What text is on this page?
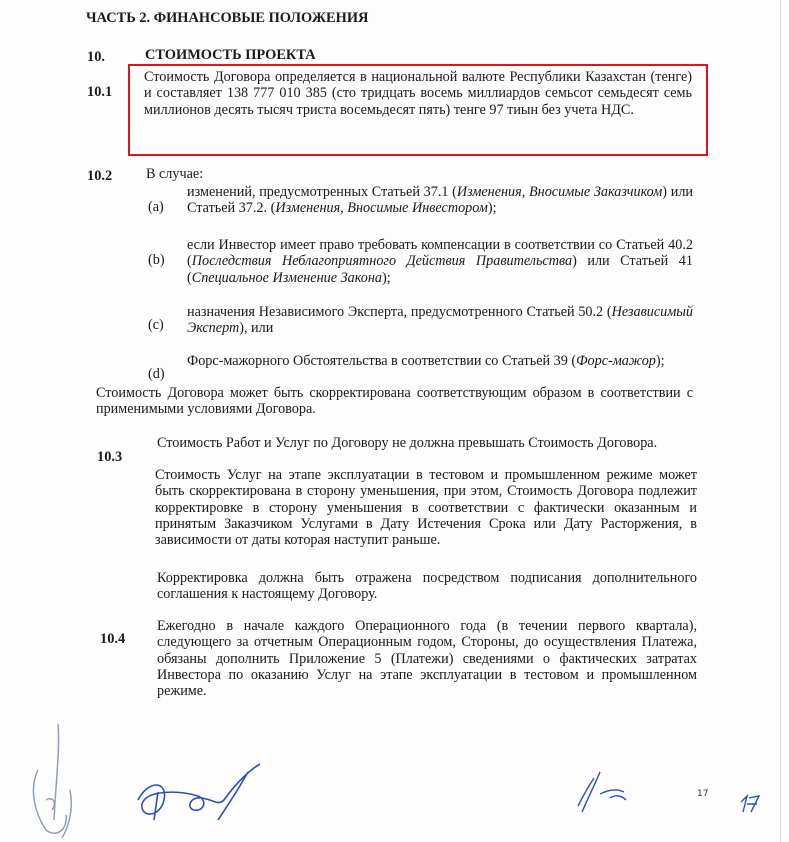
ЧАСТЬ 2. ФИНАНСОВЫЕ ПОЛОЖЕНИЯ
10.	СТОИМОСТЬ ПРОЕКТА
10.1
Стоимость Договора определяется в национальной валюте Республики Казахстан (тенге) и составляет 138 777 010 385 (сто тридцать восемь миллиардов семьсот семьдесят семь миллионов десять тысяч триста восемьдесят пять) тенге 97 тиын без учета НДС.
10.2 В случае:
(a)
изменений, предусмотренных Статьей 37.1 (Изменения, Вносимые Заказчиком) или Статьей 37.2. (Изменения, Вносимые Инвестором);
(b)
если Инвестор имеет право требовать компенсации в соответствии со Статьей 40.2 (Последствия Неблагоприятного Действия Правительства) или Статьей 41 (Специальное Изменение Закона);
(c)
назначения Независимого Эксперта, предусмотренного Статьей 50.2 (Независимый Эксперт), или
(d)
Форс-мажорного Обстоятельства в соответствии со Статьей 39 (Форс-мажор);
Стоимость Договора может быть скорректирована соответствующим образом в соответствии с применимыми условиями Договора.
10.3
Стоимость Работ и Услуг по Договору не должна превышать Стоимость Договора.
Стоимость Услуг на этапе эксплуатации в тестовом и промышленном режиме может быть скорректирована в сторону уменьшения, при этом, Стоимость Договора подлежит корректировке в сторону уменьшения в соответствии с фактически оказанным и принятым Заказчиком Услугами в Дату Истечения Срока или Дату Расторжения, в зависимости от даты которая наступит раньше.
Корректировка должна быть отражена посредством подписания дополнительного соглашения к настоящему Договору.
10.4
Ежегодно в начале каждого Операционного года (в течении первого квартала), следующего за отчетным Операционным годом, Стороны, до осуществления Платежа, обязаны дополнить Приложение 5 (Платежи) сведениями о фактических затратах Инвестора по оказанию Услуг на этапе эксплуатации в тестовом и промышленном режиме.
17
